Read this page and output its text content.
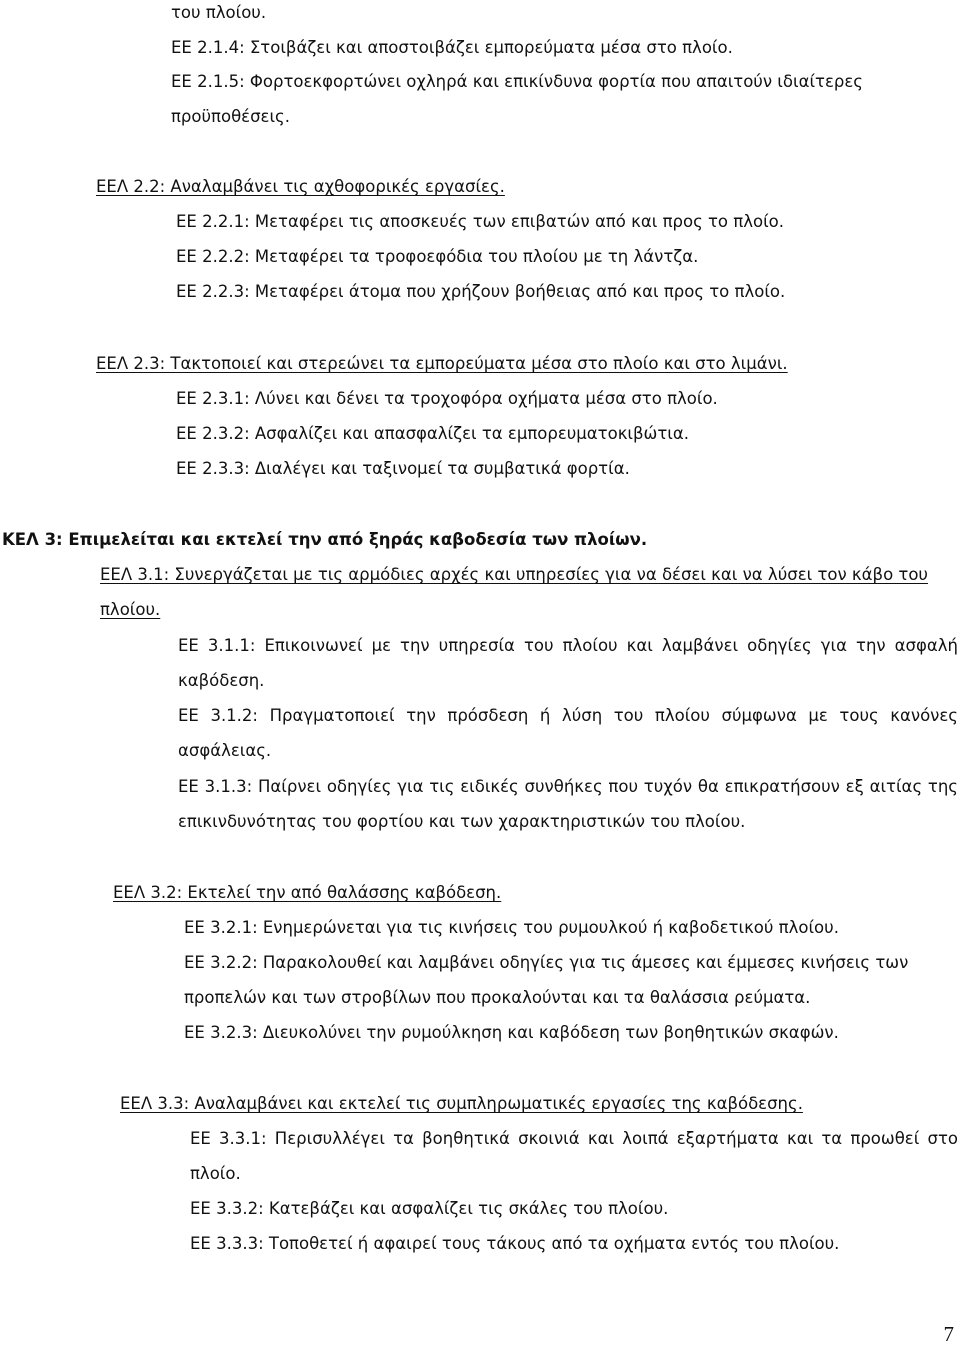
του πλοίου.
ΕΕ 2.1.4: Στοιβάζει και αποστοιβάζει εμπορεύματα μέσα στο πλοίο.
ΕΕ 2.1.5: Φορτοεκφορτώνει οχληρά και επικίνδυνα φορτία που απαιτούν ιδιαίτερες
προϋποθέσεις.
ΕΕΛ 2.2: Αναλαμβάνει τις αχθοφορικές εργασίες.
ΕΕ 2.2.1: Μεταφέρει τις αποσκευές των επιβατών από και προς το πλοίο.
ΕΕ 2.2.2: Μεταφέρει τα τροφοεφόδια του πλοίου με τη λάντζα.
ΕΕ 2.2.3: Μεταφέρει άτομα που χρήζουν βοήθειας από και προς το πλοίο.
ΕΕΛ 2.3: Τακτοποιεί και στερεώνει τα εμπορεύματα μέσα στο πλοίο και στο λιμάνι.
ΕΕ 2.3.1: Λύνει και δένει τα τροχοφόρα οχήματα μέσα στο πλοίο.
ΕΕ 2.3.2: Ασφαλίζει και απασφαλίζει τα εμπορευματοκιβώτια.
ΕΕ 2.3.3: Διαλέγει και ταξινομεί τα συμβατικά φορτία.
ΚΕΛ 3: Επιμελείται και εκτελεί την από ξηράς καβοδεσία των πλοίων.
ΕΕΛ 3.1: Συνεργάζεται με τις αρμόδιες αρχές και υπηρεσίες για να δέσει και να λύσει τον κάβο του
πλοίου.
ΕΕ 3.1.1: Επικοινωνεί με την υπηρεσία του πλοίου και λαμβάνει οδηγίες για την ασφαλή
καβόδεση.
ΕΕ 3.1.2: Πραγματοποιεί την πρόσδεση ή λύση του πλοίου σύμφωνα με τους κανόνες
ασφάλειας.
ΕΕ 3.1.3: Παίρνει οδηγίες για τις ειδικές συνθήκες που τυχόν θα επικρατήσουν εξ αιτίας της
επικινδυνότητας του φορτίου και των χαρακτηριστικών του πλοίου.
ΕΕΛ 3.2: Εκτελεί την από θαλάσσης καβόδεση.
ΕΕ 3.2.1: Ενημερώνεται για τις κινήσεις του ρυμουλκού ή καβοδετικού πλοίου.
ΕΕ 3.2.2: Παρακολουθεί και λαμβάνει οδηγίες για τις άμεσες και έμμεσες κινήσεις των
προπελών και των στροβίλων που προκαλούνται και τα θαλάσσια ρεύματα.
ΕΕ 3.2.3: Διευκολύνει την ρυμούλκηση και καβόδεση των βοηθητικών σκαφών.
ΕΕΛ 3.3: Αναλαμβάνει και εκτελεί τις συμπληρωματικές εργασίες της καβόδεσης.
ΕΕ 3.3.1: Περισυλλέγει τα βοηθητικά σκοινιά και λοιπά εξαρτήματα και τα προωθεί στο
πλοίο.
ΕΕ 3.3.2: Κατεβάζει και ασφαλίζει τις σκάλες του πλοίου.
ΕΕ 3.3.3: Τοποθετεί ή αφαιρεί τους τάκους από τα οχήματα εντός του πλοίου.
7
